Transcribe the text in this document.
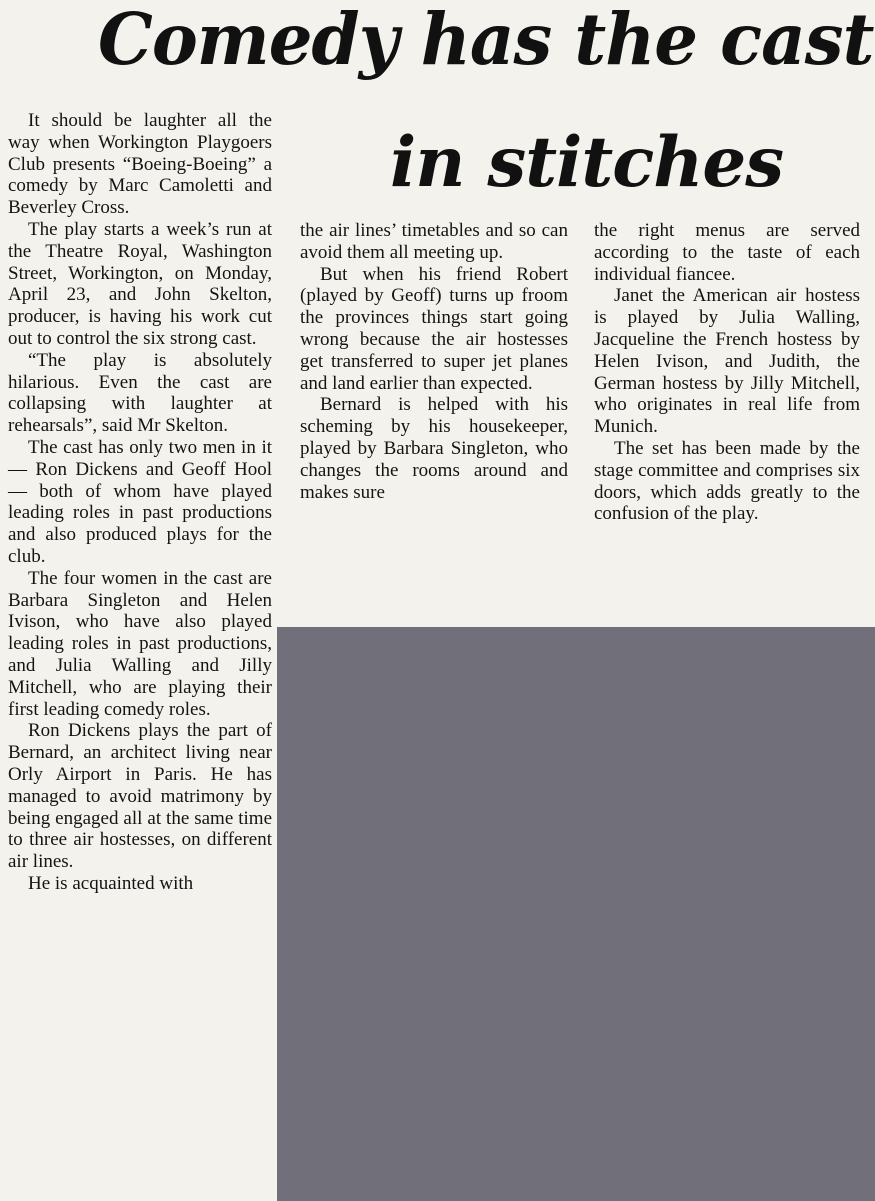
Comedy has the cast
in stitches

It should be laughter all the way when Workington Playgoers Club presents “Boeing-Boeing” a comedy by Marc Camoletti and Beverley Cross.

The play starts a week’s run at the Theatre Royal, Washington Street, Workington, on Monday, April 23, and John Skelton, producer, is having his work cut out to control the six strong cast.

“The play is absolutely hilarious. Even the cast are collapsing with laughter at rehearsals”, said Mr Skelton.

The cast has only two men in it — Ron Dickens and Geoff Hool — both of whom have played leading roles in past productions and also produced plays for the club.

The four women in the cast are Barbara Singleton and Helen Ivison, who have also played leading roles in past productions, and Julia Walling and Jilly Mitchell, who are playing their first leading comedy roles.

Ron Dickens plays the part of Bernard, an architect living near Orly Airport in Paris. He has managed to avoid matrimony by being engaged all at the same time to three air hostesses, on different air lines.

He is acquainted with

the air lines’ timetables and so can avoid them all meeting up.

But when his friend Robert (played by Geoff) turns up froom the provinces things start going wrong because the air hostesses get transferred to super jet planes and land earlier than expected.

Bernard is helped with his scheming by his housekeeper, played by Barbara Singleton, who changes the rooms around and makes sure

the right menus are served according to the taste of each individual fiancee.

Janet the American air hostess is played by Julia Walling, Jacqueline the French hostess by Helen Ivison, and Judith, the German hostess by Jilly Mitchell, who originates in real life from Munich.

The set has been made by the stage committee and comprises six doors, which adds greatly to the confusion of the play.
